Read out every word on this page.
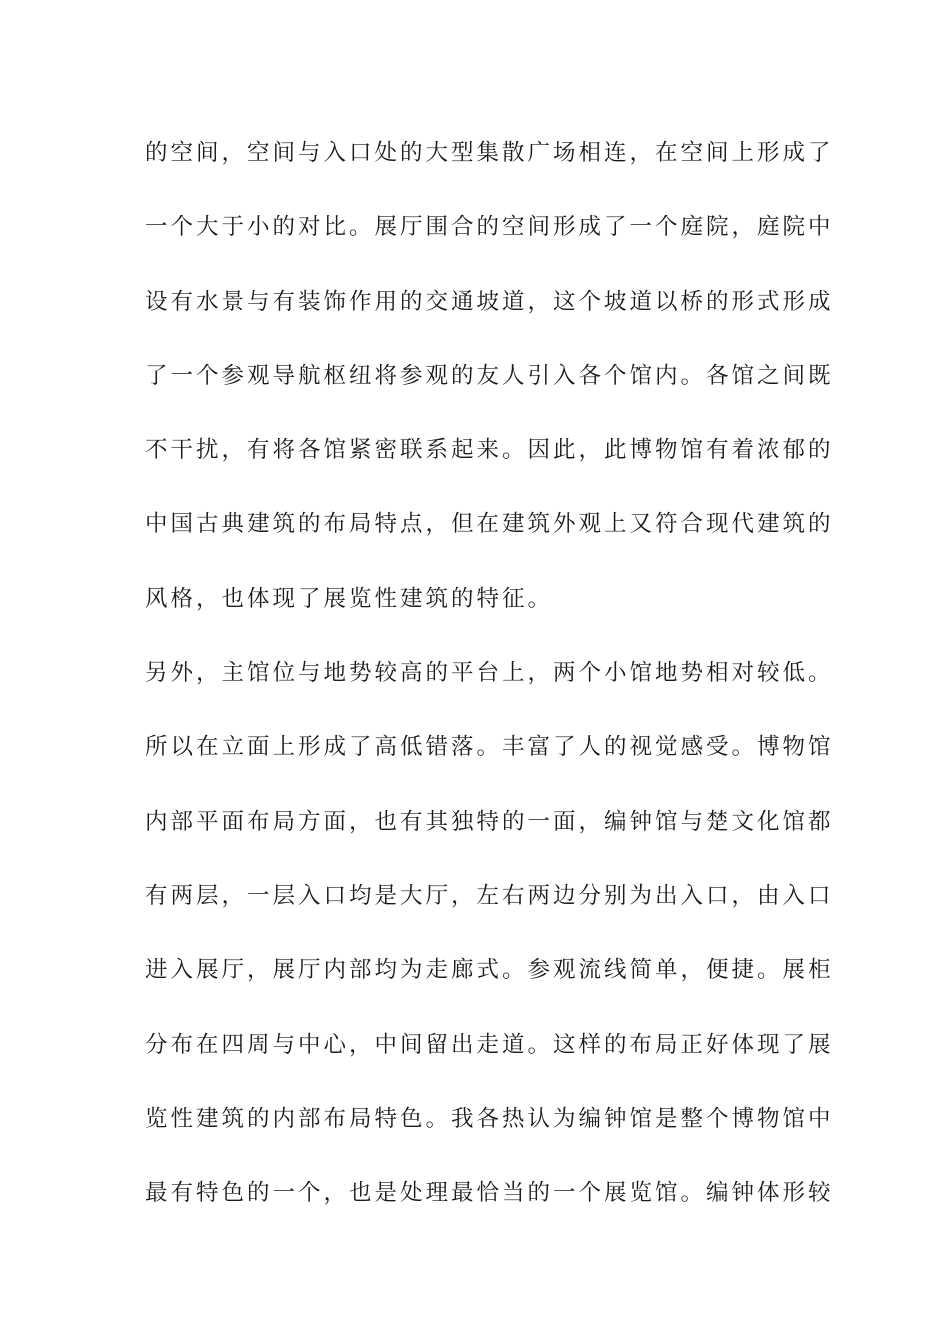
的空间，空间与入口处的大型集散广场相连，在空间上形成了
一个大于小的对比。展厅围合的空间形成了一个庭院，庭院中
设有水景与有装饰作用的交通坡道，这个坡道以桥的形式形成
了一个参观导航枢纽将参观的友人引入各个馆内。各馆之间既
不干扰，有将各馆紧密联系起来。因此，此博物馆有着浓郁的
中国古典建筑的布局特点，但在建筑外观上又符合现代建筑的
风格，也体现了展览性建筑的特征。
另外，主馆位与地势较高的平台上，两个小馆地势相对较低。
所以在立面上形成了高低错落。丰富了人的视觉感受。博物馆
内部平面布局方面，也有其独特的一面，编钟馆与楚文化馆都
有两层，一层入口均是大厅，左右两边分别为出入口，由入口
进入展厅，展厅内部均为走廊式。参观流线简单，便捷。展柜
分布在四周与中心，中间留出走道。这样的布局正好体现了展
览性建筑的内部布局特色。我各热认为编钟馆是整个博物馆中
最有特色的一个，也是处理最恰当的一个展览馆。编钟体形较
